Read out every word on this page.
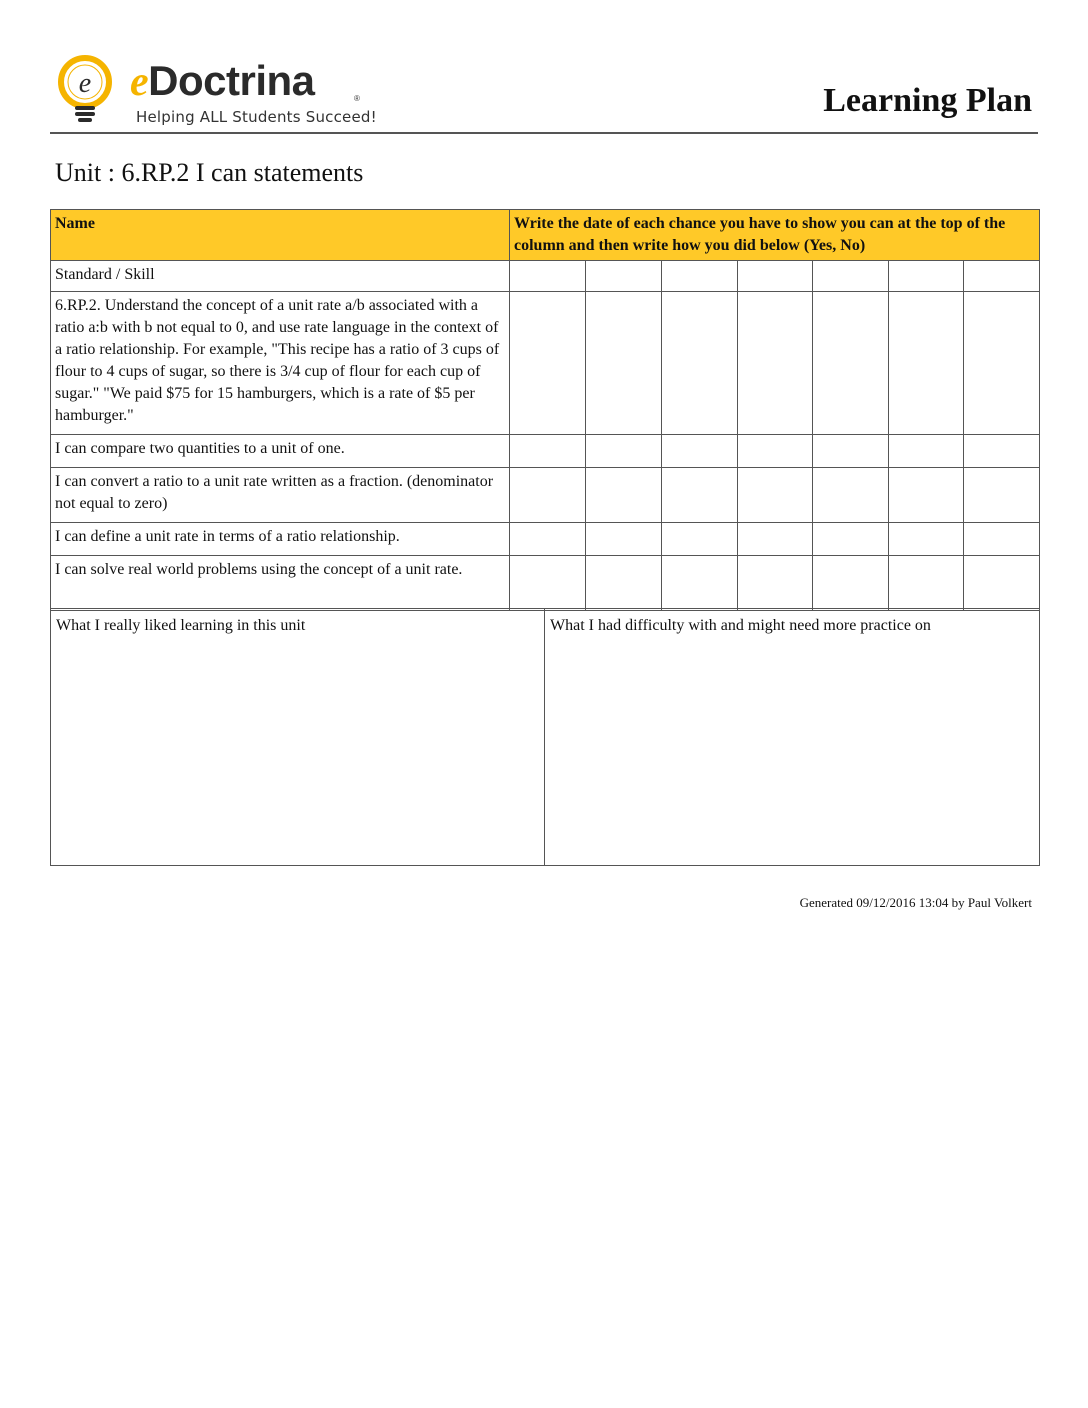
e eDoctrina	®
Helping ALL Students Succeed!	Learning Plan
Unit : 6.RP.2 I can statements
Name	Write the date of each chance you have to show you can at the top of the column and then write how you did below (Yes, No)						
Standard / Skill							
6.RP.2. Understand the concept of a unit rate a/b associated with a ratio a:b with b not equal to 0, and use rate language in the context of a ratio relationship. For example, "This recipe has a ratio of 3 cups of flour to 4 cups of sugar, so there is 3/4 cup of flour for each cup of sugar." "We paid $75 for 15 hamburgers, which is a rate of $5 per hamburger."							
I can compare two quantities to a unit of one.							
I can convert a ratio to a unit rate written as a fraction. (denominator not equal to zero)							
I can define a unit rate in terms of a ratio relationship.							
I can solve real world problems using the concept of a unit rate.							
What I really liked learning in this unit	What I had difficulty with and might need more practice on
Generated 09/12/2016 13:04 by Paul Volkert
